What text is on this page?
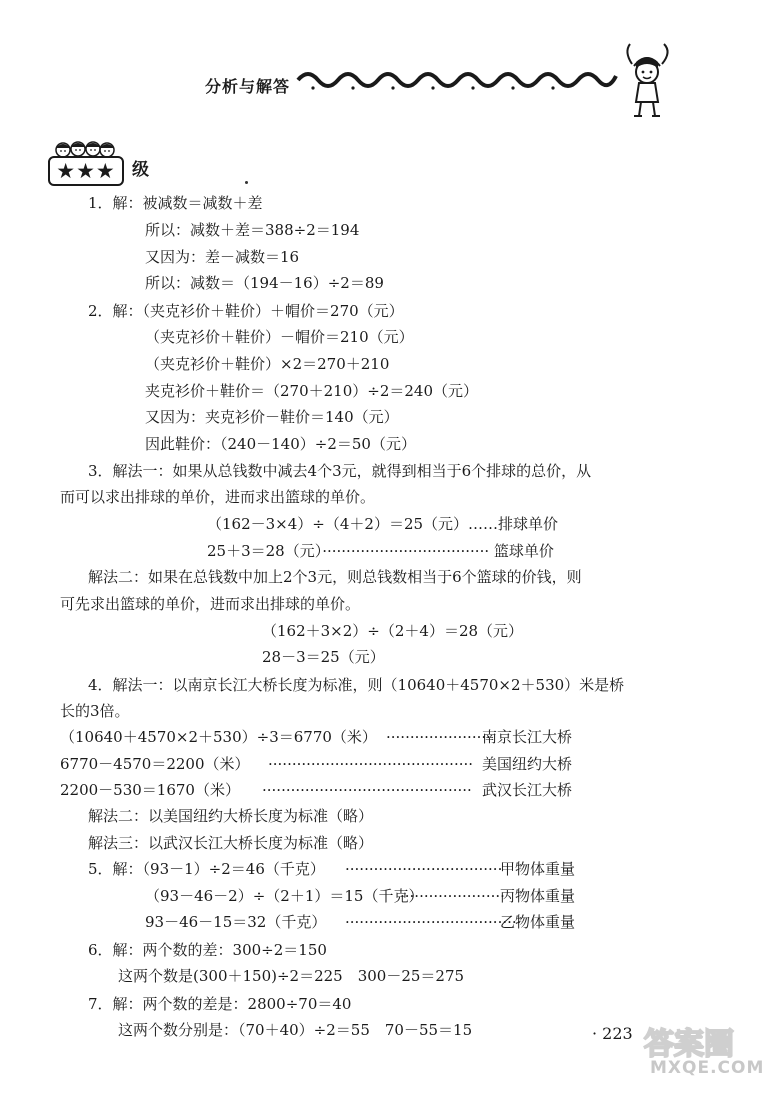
分析与解答
★★★ 级
1．解：被减数＝减数＋差
所以：减数＋差＝388÷2＝194
又因为：差－减数＝16
所以：减数＝（194－16）÷2＝89
2．解：（夹克衫价＋鞋价）＋帽价＝270（元）
（夹克衫价＋鞋价）－帽价＝210（元）
（夹克衫价＋鞋价）×2＝270＋210
夹克衫价＋鞋价＝（270＋210）÷2＝240（元）
又因为：夹克衫价－鞋价＝140（元）
因此鞋价：（240－140）÷2＝50（元）
3．解法一：如果从总钱数中减去4个3元，就得到相当于6个排球的总价，从
而可以求出排球的单价，进而求出篮球的单价。
（162－3×4）÷（4＋2）＝25（元）……排球单价
25＋3＝28（元）··································· 篮球单价
解法二：如果在总钱数中加上2个3元，则总钱数相当于6个篮球的价钱，则
可先求出篮球的单价，进而求出排球的单价。
（162＋3×2）÷（2＋4）＝28（元）
28－3＝25（元）
4．解法一：以南京长江大桥长度为标准，则（10640＋4570×2＋530）米是桥
长的3倍。
（10640＋4570×2＋530）÷3＝6770（米） ······················
南京长江大桥
6770－4570＝2200（米） ··········································· 美国纽约大桥
2200－530＝1670（米） ············································ 武汉长江大桥
解法二：以美国纽约大桥长度为标准（略）
解法三：以武汉长江大桥长度为标准（略）
5．解：（93－1）÷2＝46（千克） ·································
甲物体重量
（93－46－2）÷（2＋1）＝15（千克）
······················
丙物体重量
93－46－15＝32（千克） ·····································
乙物体重量
6．解：两个数的差：300÷2＝150
这两个数是(300＋150)÷2＝225　300－25＝275
7．解：两个数的差是：2800÷70＝40
这两个数分别是：（70＋40）÷2＝55　70－55＝15	· 223 答案圈
MXQE.COM
